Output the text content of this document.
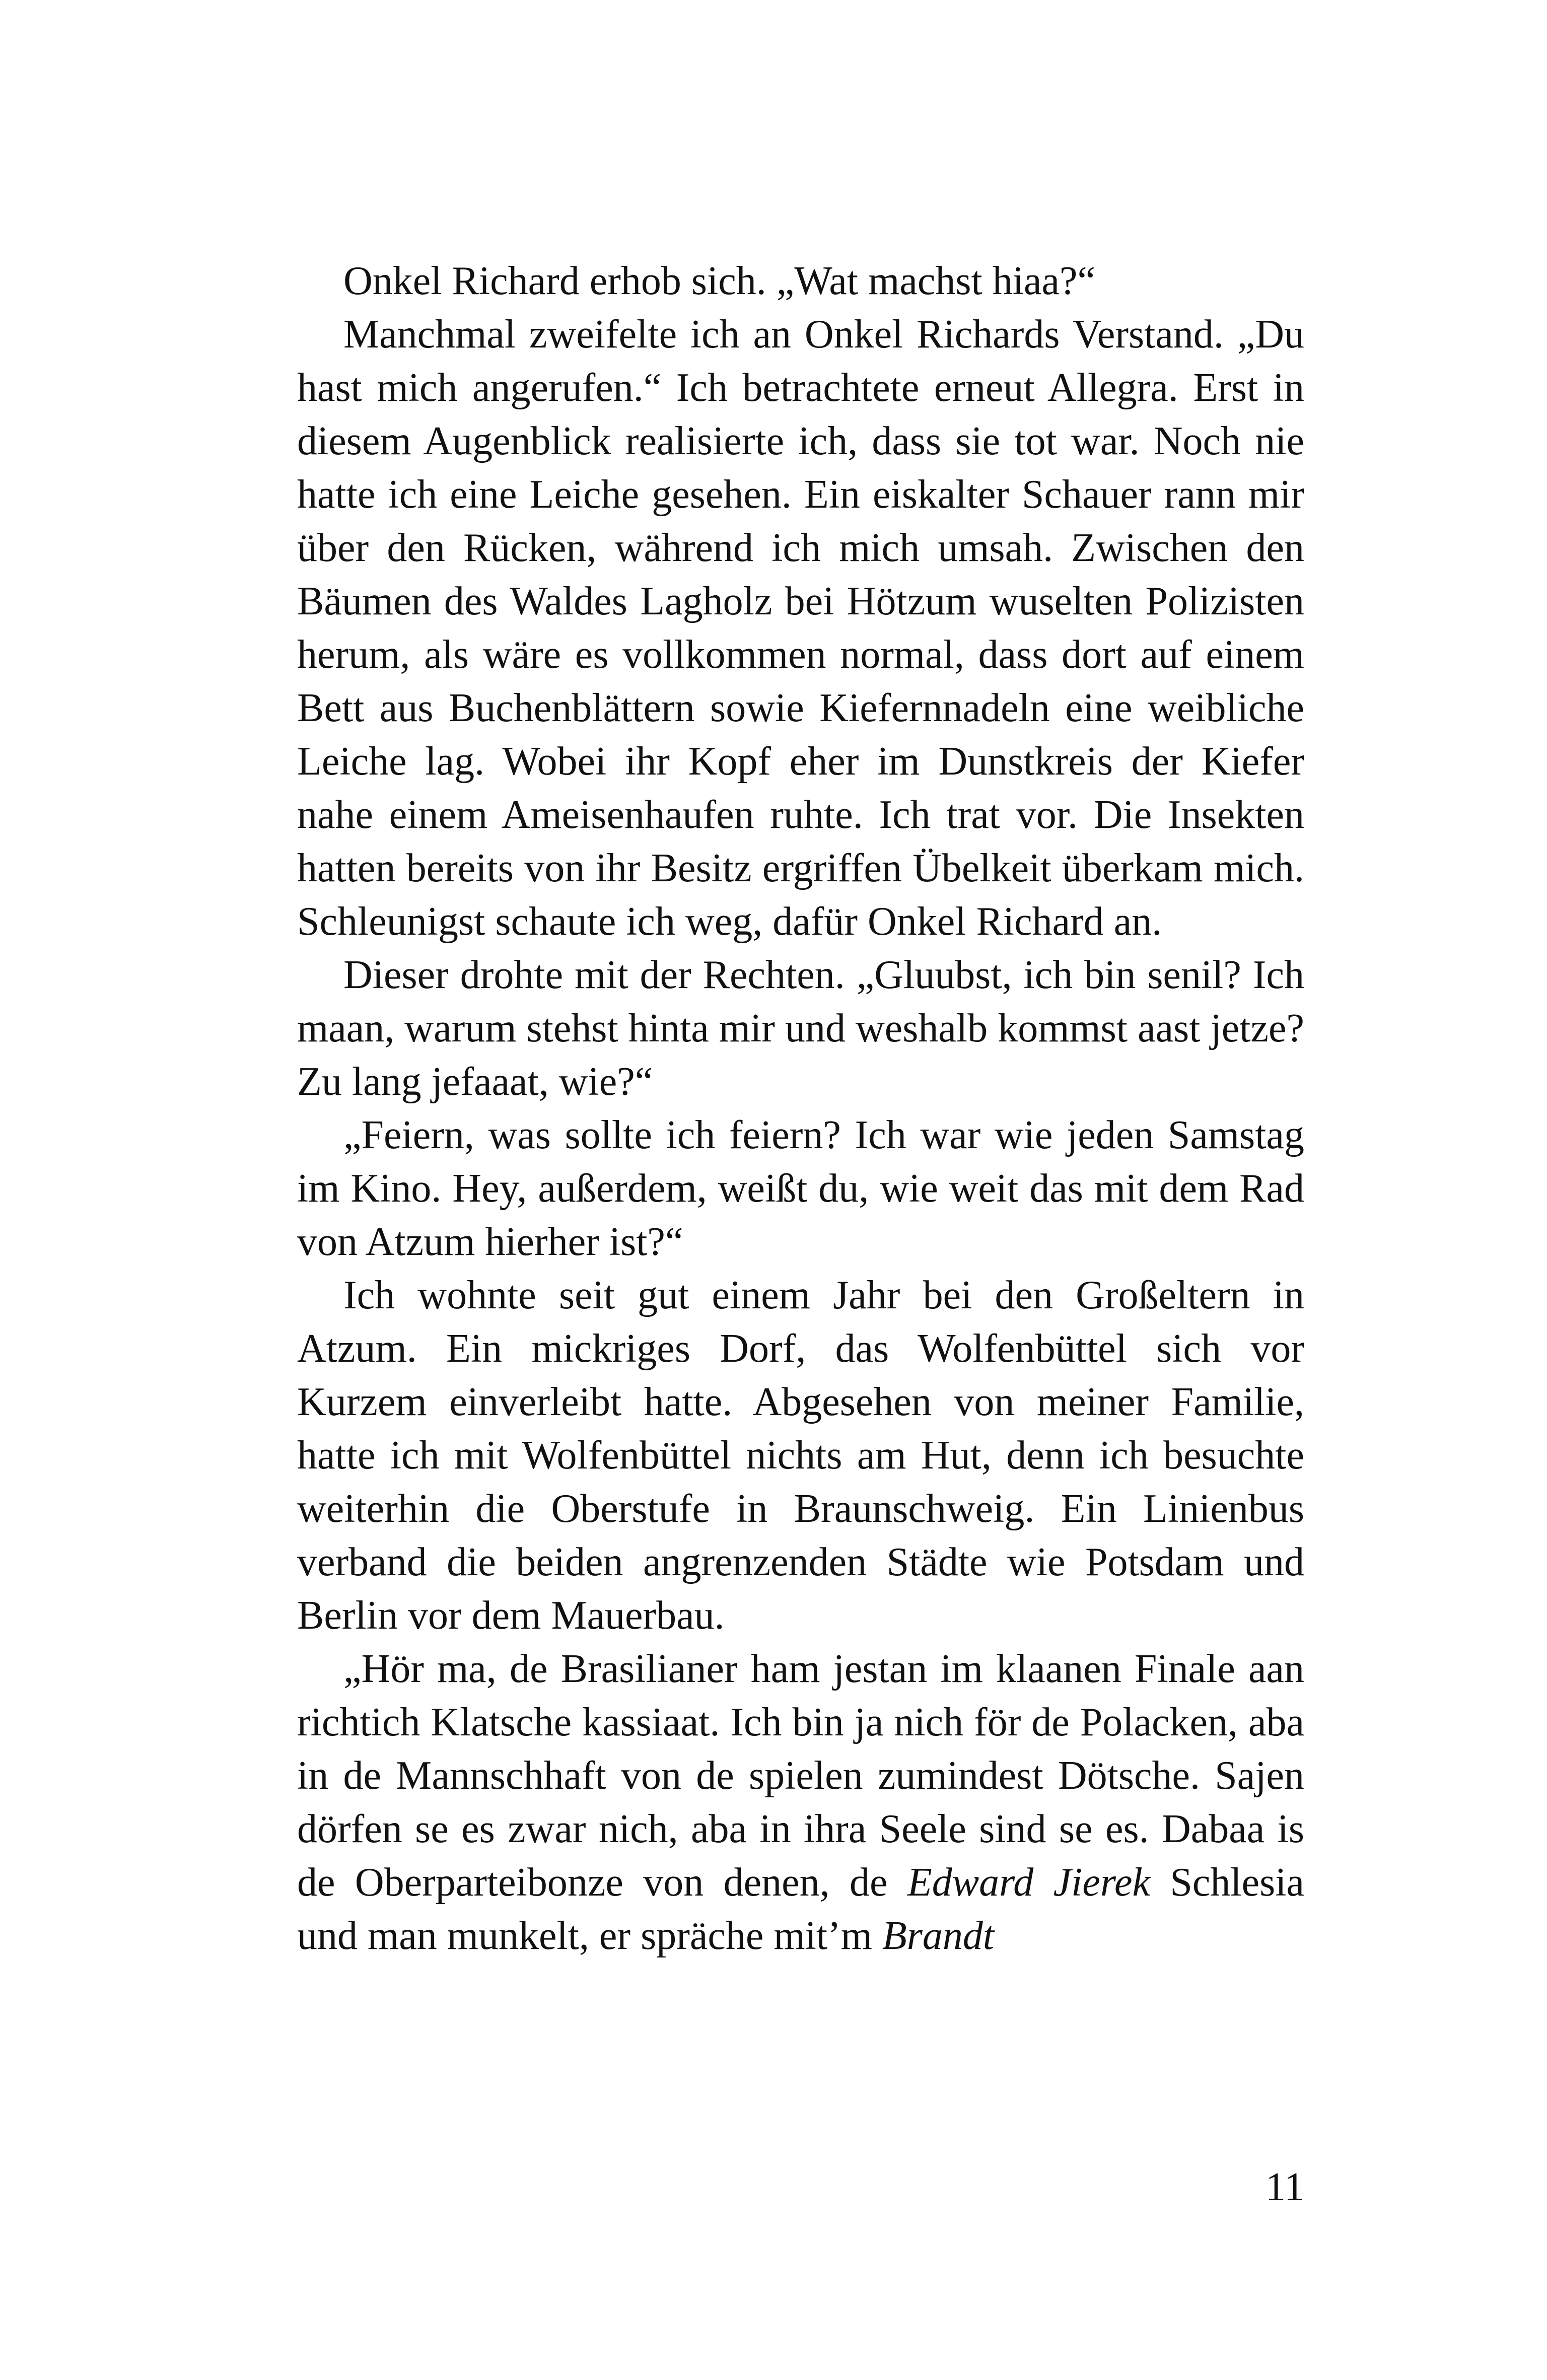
Onkel Richard erhob sich. „Wat machst hiaa?“

Manchmal zweifelte ich an Onkel Richards Verstand. „Du hast mich angerufen.“ Ich betrachtete erneut Allegra. Erst in diesem Augenblick realisierte ich, dass sie tot war. Noch nie hatte ich eine Leiche gesehen. Ein eiskalter Schauer rann mir über den Rücken, während ich mich umsah. Zwischen den Bäumen des Waldes Lagholz bei Hötzum wuselten Polizisten herum, als wäre es vollkommen normal, dass dort auf einem Bett aus Buchenblättern sowie Kiefernnadeln eine weibliche Leiche lag. Wobei ihr Kopf eher im Dunstkreis der Kiefer nahe einem Ameisenhaufen ruhte. Ich trat vor. Die Insekten hatten bereits von ihr Besitz ergriffen Übelkeit überkam mich. Schleunigst schaute ich weg, dafür Onkel Richard an.

Dieser drohte mit der Rechten. „Gluubst, ich bin senil? Ich maan, warum stehst hinta mir und weshalb kommst aast jetze? Zu lang jefaaat, wie?“

„Feiern, was sollte ich feiern? Ich war wie jeden Samstag im Kino. Hey, außerdem, weißt du, wie weit das mit dem Rad von Atzum hierher ist?“

Ich wohnte seit gut einem Jahr bei den Großeltern in Atzum. Ein mickriges Dorf, das Wolfenbüttel sich vor Kurzem einverleibt hatte. Abgesehen von meiner Familie, hatte ich mit Wolfenbüttel nichts am Hut, denn ich besuchte weiterhin die Oberstufe in Braunschweig. Ein Linienbus verband die beiden angrenzenden Städte wie Potsdam und Berlin vor dem Mauerbau.

„Hör ma, de Brasilianer ham jestan im klaanen Finale aan richtich Klatsche kassiaat. Ich bin ja nich för de Polacken, aba in de Mannschhaft von de spielen zumindest Dötsche. Sajen dörfen se es zwar nich, aba in ihra Seele sind se es. Dabaa is de Oberparteibonze von denen, de Edward Jierek Schlesia und man munkelt, er spräche mit’m Brandt

11
